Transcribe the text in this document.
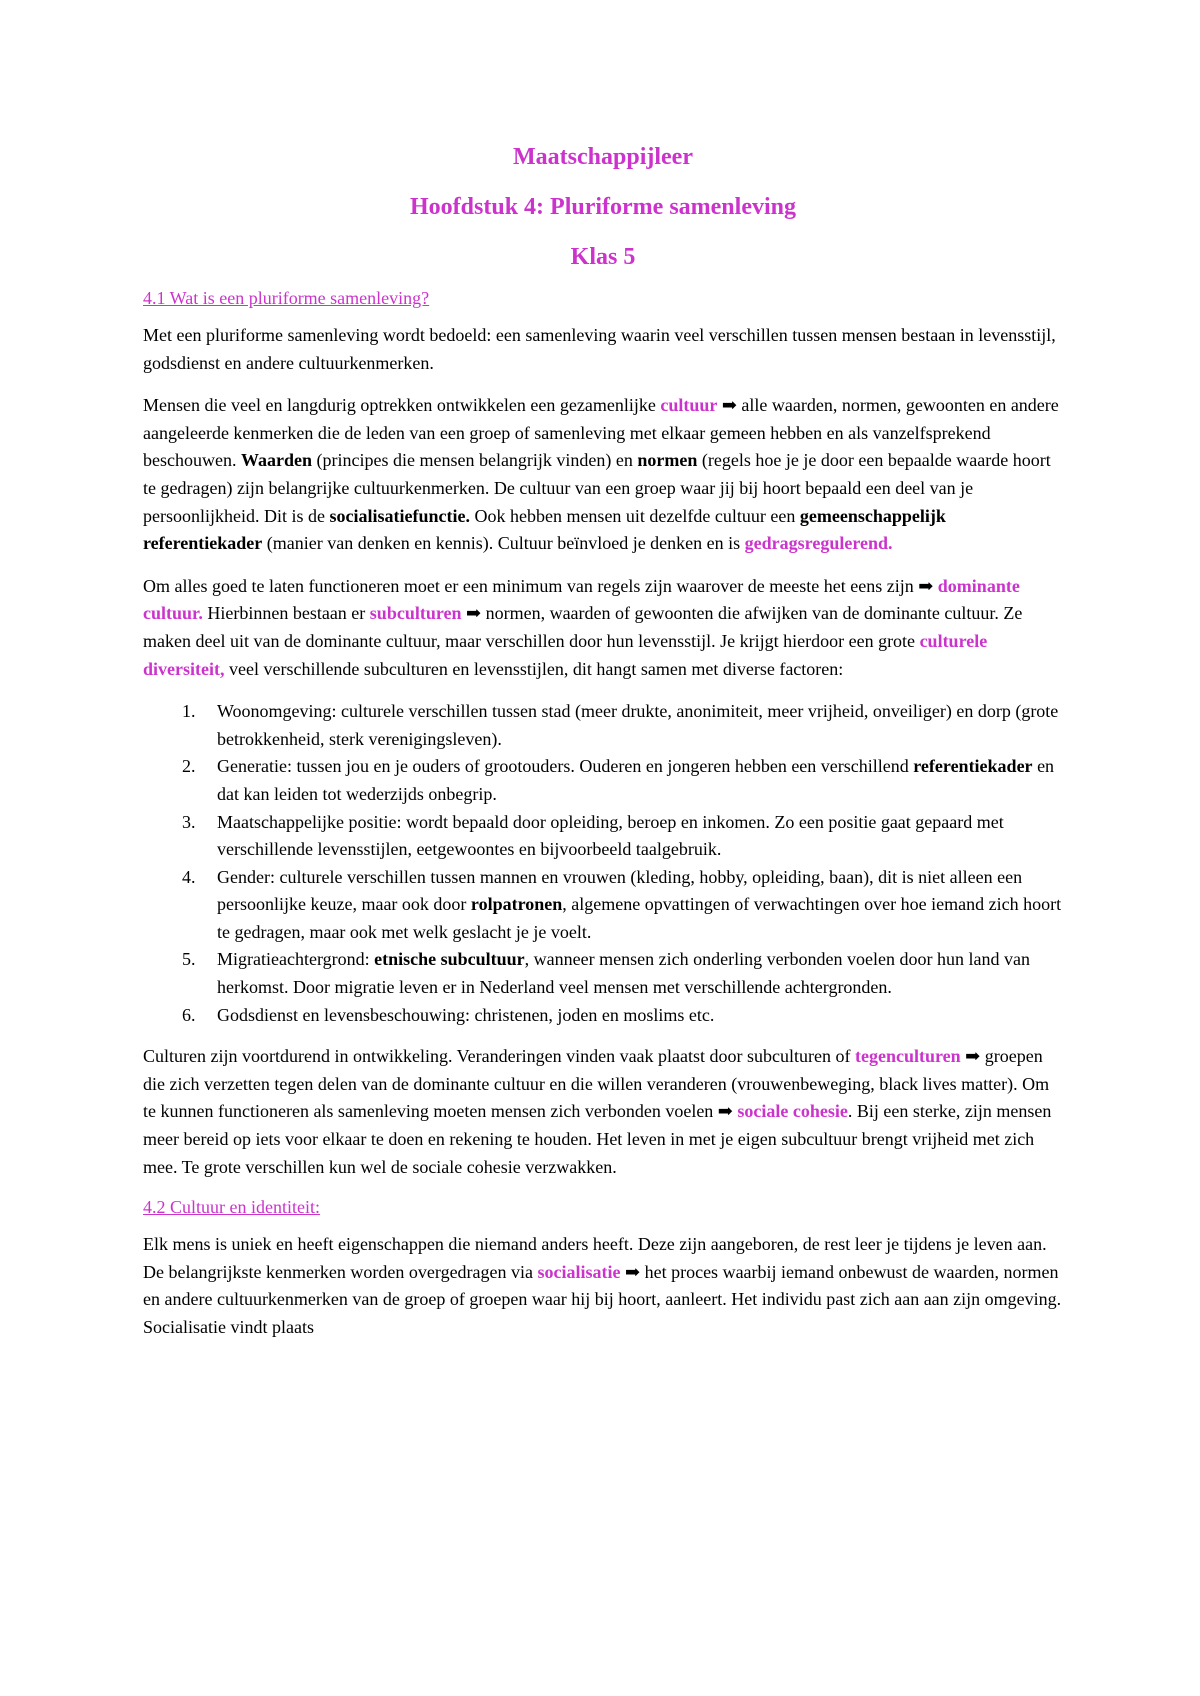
Maatschappijleer
Hoofdstuk 4: Pluriforme samenleving
Klas 5
4.1 Wat is een pluriforme samenleving?

Met een pluriforme samenleving wordt bedoeld: een samenleving waarin veel verschillen tussen mensen bestaan in levensstijl, godsdienst en andere cultuurkenmerken.

Mensen die veel en langdurig optrekken ontwikkelen een gezamenlijke cultuur ➡ alle waarden, normen, gewoonten en andere aangeleerde kenmerken die de leden van een groep of samenleving met elkaar gemeen hebben en als vanzelfsprekend beschouwen. Waarden (principes die mensen belangrijk vinden) en normen (regels hoe je je door een bepaalde waarde hoort te gedragen) zijn belangrijke cultuurkenmerken. De cultuur van een groep waar jij bij hoort bepaald een deel van je persoonlijkheid. Dit is de socialisatiefunctie. Ook hebben mensen uit dezelfde cultuur een gemeenschappelijk referentiekader (manier van denken en kennis). Cultuur beïnvloed je denken en is gedragsregulerend.

Om alles goed te laten functioneren moet er een minimum van regels zijn waarover de meeste het eens zijn ➡ dominante cultuur. Hierbinnen bestaan er subculturen ➡ normen, waarden of gewoonten die afwijken van de dominante cultuur. Ze maken deel uit van de dominante cultuur, maar verschillen door hun levensstijl. Je krijgt hierdoor een grote culturele diversiteit, veel verschillende subculturen en levensstijlen, dit hangt samen met diverse factoren:

1. Woonomgeving: culturele verschillen tussen stad (meer drukte, anonimiteit, meer vrijheid, onveiliger) en dorp (grote betrokkenheid, sterk verenigingsleven).
2. Generatie: tussen jou en je ouders of grootouders. Ouderen en jongeren hebben een verschillend referentiekader en dat kan leiden tot wederzijds onbegrip.
3. Maatschappelijke positie: wordt bepaald door opleiding, beroep en inkomen. Zo een positie gaat gepaard met verschillende levensstijlen, eetgewoontes en bijvoorbeeld taalgebruik.
4. Gender: culturele verschillen tussen mannen en vrouwen (kleding, hobby, opleiding, baan), dit is niet alleen een persoonlijke keuze, maar ook door rolpatronen, algemene opvattingen of verwachtingen over hoe iemand zich hoort te gedragen, maar ook met welk geslacht je je voelt.
5. Migratieachtergrond: etnische subcultuur, wanneer mensen zich onderling verbonden voelen door hun land van herkomst. Door migratie leven er in Nederland veel mensen met verschillende achtergronden.
6. Godsdienst en levensbeschouwing: christenen, joden en moslims etc.

Culturen zijn voortdurend in ontwikkeling. Veranderingen vinden vaak plaatst door subculturen of tegenculturen ➡ groepen die zich verzetten tegen delen van de dominante cultuur en die willen veranderen (vrouwenbeweging, black lives matter). Om te kunnen functioneren als samenleving moeten mensen zich verbonden voelen ➡ sociale cohesie. Bij een sterke, zijn mensen meer bereid op iets voor elkaar te doen en rekening te houden. Het leven in met je eigen subcultuur brengt vrijheid met zich mee. Te grote verschillen kun wel de sociale cohesie verzwakken.

4.2 Cultuur en identiteit:

Elk mens is uniek en heeft eigenschappen die niemand anders heeft. Deze zijn aangeboren, de rest leer je tijdens je leven aan. De belangrijkste kenmerken worden overgedragen via socialisatie ➡ het proces waarbij iemand onbewust de waarden, normen en andere cultuurkenmerken van de groep of groepen waar hij bij hoort, aanleert. Het individu past zich aan aan zijn omgeving. Socialisatie vindt plaats
